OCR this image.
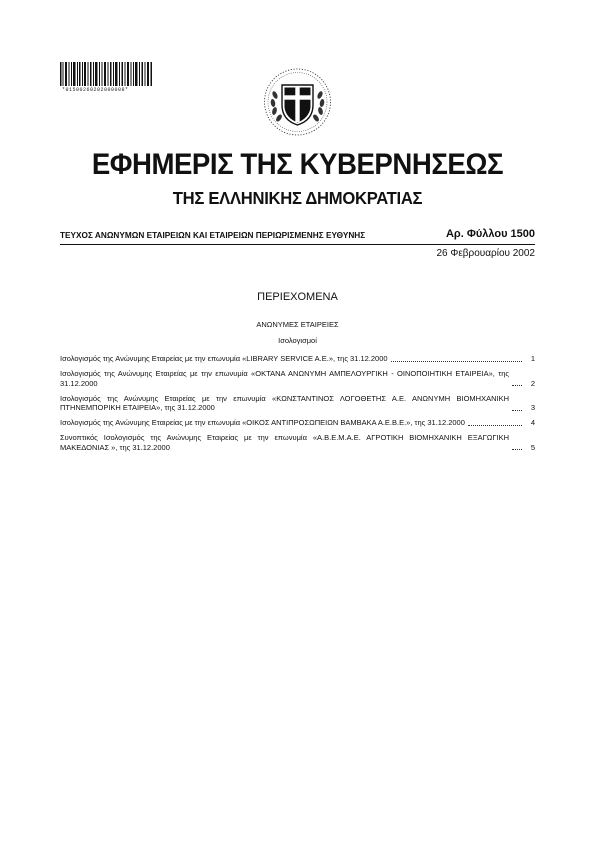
*01500260202000008*
ΕΦΗΜΕΡΙΣ ΤΗΣ ΚΥΒΕΡΝΗΣΕΩΣ
ΤΗΣ ΕΛΛΗΝΙΚΗΣ ΔΗΜΟΚΡΑΤΙΑΣ
ΤΕΥΧΟΣ ΑΝΩΝΥΜΩΝ ΕΤΑΙΡΕΙΩΝ ΚΑΙ ΕΤΑΙΡΕΙΩΝ ΠΕΡΙΩΡΙΣΜΕΝΗΣ ΕΥΘΥΝΗΣ	Αρ. Φύλλου 1500
26 Φεβρουαρίου 2002
ΠΕΡΙΕΧΟΜΕΝΑ
ΑΝΩΝΥΜΕΣ ΕΤΑΙΡΕΙΕΣ
Ισολογισμοί
Ισολογισμός της Ανώνυμης Εταιρείας με την επωνυμία «LIBRARY SERVICE A.E.», της 31.12.2000	1
Ισολογισμός της Ανώνυμης Εταιρείας με την επωνυμία «ΟΚΤΑΝΑ ΑΝΩΝΥΜΗ ΑΜΠΕΛΟΥΡΓΙΚΗ - ΟΙΝΟΠΟΙΗΤΙΚΗ ΕΤΑΙΡΕΙΑ», της 31.12.2000	2
Ισολογισμός της Ανώνυμης Εταιρείας με την επωνυμία «ΚΩΝΣΤΑΝΤΙΝΟΣ ΛΟΓΟΘΕΤΗΣ Α.Ε. ΑΝΩΝΥΜΗ ΒΙΟΜΗΧΑΝΙΚΗ ΠΤΗΝΕΜΠΟΡΙΚΗ ΕΤΑΙΡΕΙΑ», της 31.12.2000	3
Ισολογισμός της Ανώνυμης Εταιρείας με την επωνυμία «ΟΙΚΟΣ ΑΝΤΙΠΡΟΣΩΠΕΙΩΝ ΒΑΜΒΑΚΑ Α.Ε.Β.Ε.», της 31.12.2000	4
Συνοπτικός Ισολογισμός της Ανώνυμης Εταιρείας με την επωνυμία «Α.Β.Ε.Μ.Α.Ε. ΑΓΡΟΤΙΚΗ ΒΙΟΜΗΧΑΝΙΚΗ ΕΞΑΓΩΓΙΚΗ ΜΑΚΕΔΟΝΙΑΣ », της 31.12.2000	5
